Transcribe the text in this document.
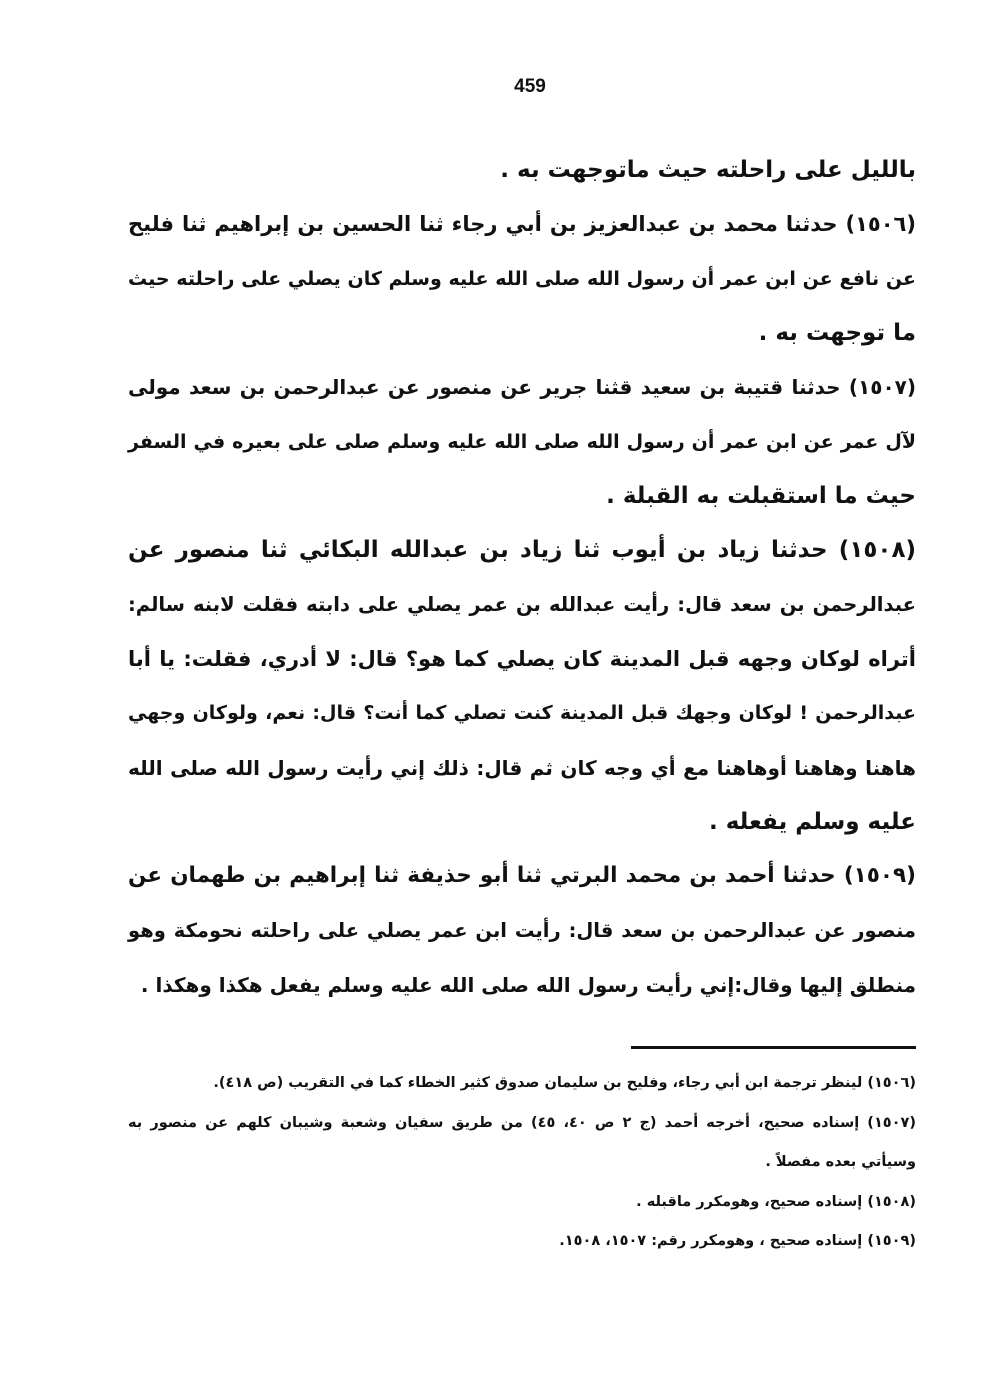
459
بالليل على راحلته حيث ماتوجهت به .
(١٥٠٦) حدثنا محمد بن عبدالعزيز بن أبي رجاء ثنا الحسين بن إبراهيم ثنا فليح
عن نافع عن ابن عمر أن رسول الله صلى الله عليه وسلم كان يصلي على راحلته حيث
ما توجهت به .
(١٥٠٧) حدثنا قتيبة بن سعيد قثنا جرير عن منصور عن عبدالرحمن بن سعد مولى
لآل عمر عن ابن عمر أن رسول الله صلى الله عليه وسلم صلى على بعيره في السفر
حيث ما استقبلت به القبلة .
(١٥٠٨) حدثنا زياد بن أيوب ثنا زياد بن عبدالله البكائي ثنا منصور عن
عبدالرحمن بن سعد قال: رأيت عبدالله بن عمر يصلي على دابته فقلت لابنه سالم:
أتراه لوكان وجهه قبل المدينة كان يصلي كما هو؟ قال: لا أدري، فقلت: يا أبا
عبدالرحمن ! لوكان وجهك قبل المدينة كنت تصلي كما أنت؟ قال: نعم، ولوكان وجهي
هاهنا وهاهنا أوهاهنا مع أي وجه كان ثم قال: ذلك إني رأيت رسول الله صلى الله
عليه وسلم يفعله .
(١٥٠٩) حدثنا أحمد بن محمد البرتي ثنا أبو حذيفة ثنا إبراهيم بن طهمان عن
منصور عن عبدالرحمن بن سعد قال: رأيت ابن عمر يصلي على راحلته نحومكة وهو
منطلق إليها وقال:إني رأيت رسول الله صلى الله عليه وسلم يفعل هكذا وهكذا .
(١٥٠٦) لينظر ترجمة ابن أبي رجاء، وفليح بن سليمان صدوق كثير الخطاء كما في التقريب (ص ٤١٨).
(١٥٠٧) إسناده صحيح، أخرجه أحمد (ج ٢ ص ٤٠، ٤٥) من طريق سفيان وشعبة وشيبان كلهم عن منصور به
وسيأتي بعده مفصلاً .
(١٥٠٨) إسناده صحيح، وهومكرر ماقبله .
(١٥٠٩) إسناده صحيح ، وهومكرر رقم: ١٥٠٧، ١٥٠٨.
